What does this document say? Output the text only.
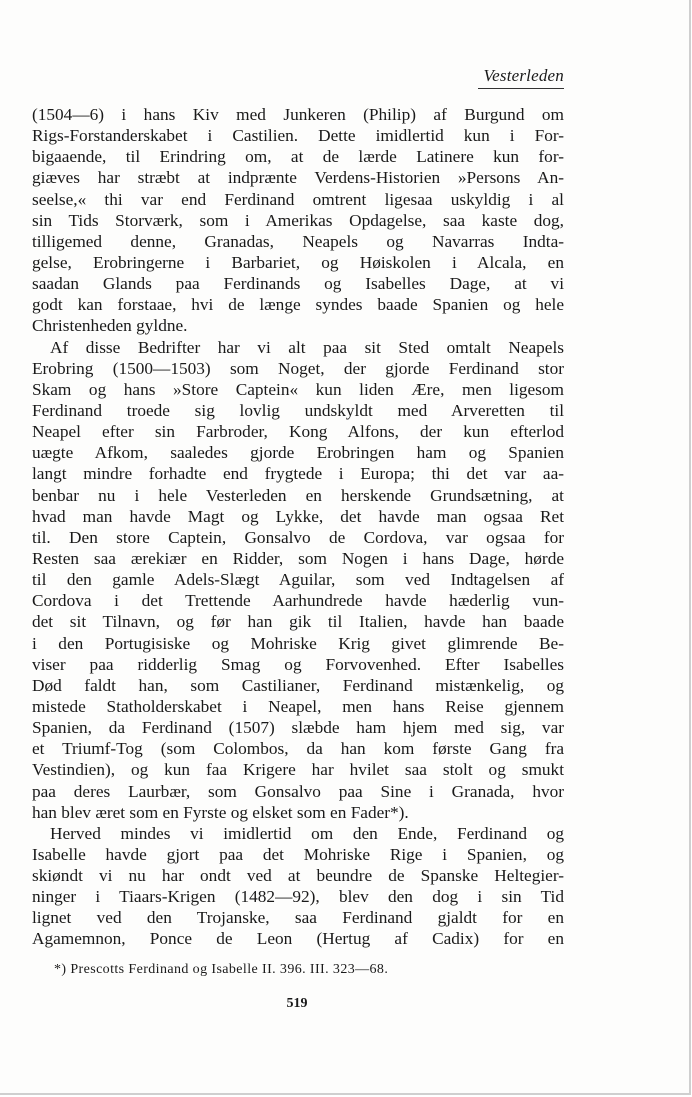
Vesterleden
(1504—6) i hans Kiv med Junkeren (Philip) af Burgund om
Rigs-Forstanderskabet i Castilien. Dette imidlertid kun i For-
bigaaende, til Erindring om, at de lærde Latinere kun for-
giæves har stræbt at indprænte Verdens-Historien »Persons An-
seelse,« thi var end Ferdinand omtrent ligesaa uskyldig i al
sin Tids Storværk, som i Amerikas Opdagelse, saa kaste dog,
tilligemed denne, Granadas, Neapels og Navarras Indta-
gelse, Erobringerne i Barbariet, og Høiskolen i Alcala, en
saadan Glands paa Ferdinands og Isabelles Dage, at vi
godt kan forstaae, hvi de længe syndes baade Spanien og hele
Christenheden gyldne.
Af disse Bedrifter har vi alt paa sit Sted omtalt Neapels
Erobring (1500—1503) som Noget, der gjorde Ferdinand stor
Skam og hans »Store Captein« kun liden Ære, men ligesom
Ferdinand troede sig lovlig undskyldt med Arveretten til
Neapel efter sin Farbroder, Kong Alfons, der kun efterlod
uægte Afkom, saaledes gjorde Erobringen ham og Spanien
langt mindre forhadte end frygtede i Europa; thi det var aa-
benbar nu i hele Vesterleden en herskende Grundsætning, at
hvad man havde Magt og Lykke, det havde man ogsaa Ret
til. Den store Captein, Gonsalvo de Cordova, var ogsaa for
Resten saa ærekiær en Ridder, som Nogen i hans Dage, hørde
til den gamle Adels-Slægt Aguilar, som ved Indtagelsen af
Cordova i det Trettende Aarhundrede havde hæderlig vun-
det sit Tilnavn, og før han gik til Italien, havde han baade
i den Portugisiske og Mohriske Krig givet glimrende Be-
viser paa ridderlig Smag og Forvovenhed. Efter Isabelles
Død faldt han, som Castilianer, Ferdinand mistænkelig, og
mistede Statholderskabet i Neapel, men hans Reise gjennem
Spanien, da Ferdinand (1507) slæbde ham hjem med sig, var
et Triumf-Tog (som Colombos, da han kom første Gang fra
Vestindien), og kun faa Krigere har hvilet saa stolt og smukt
paa deres Laurbær, som Gonsalvo paa Sine i Granada, hvor
han blev æret som en Fyrste og elsket som en Fader*).
Herved mindes vi imidlertid om den Ende, Ferdinand og
Isabelle havde gjort paa det Mohriske Rige i Spanien, og
skiøndt vi nu har ondt ved at beundre de Spanske Heltegier-
ninger i Tiaars-Krigen (1482—92), blev den dog i sin Tid
lignet ved den Trojanske, saa Ferdinand gjaldt for en
Agamemnon, Ponce de Leon (Hertug af Cadix) for en
*) Prescotts Ferdinand og Isabelle II. 396. III. 323—68.
519
